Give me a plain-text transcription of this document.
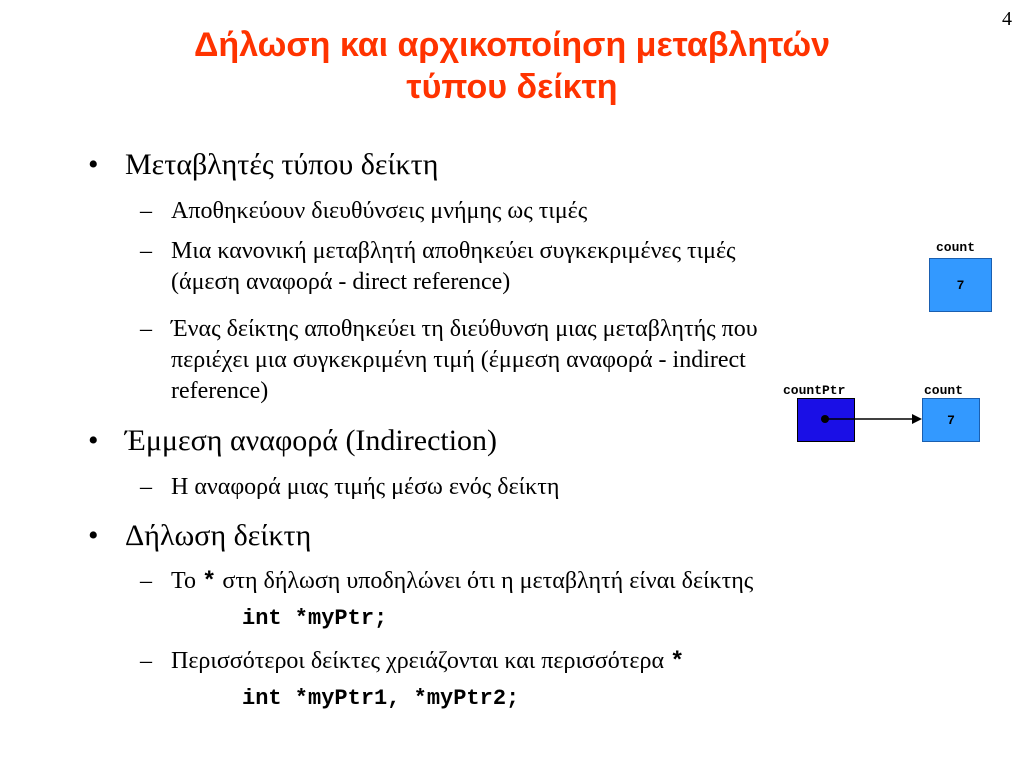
4
Δήλωση και αρχικοποίηση μεταβλητών
τύπου δείκτη
• Μεταβλητές τύπου δείκτη
– Αποθηκεύουν διευθύνσεις μνήμης ως τιμές
– Μια κανονική μεταβλητή αποθηκεύει συγκεκριμένες τιμές
(άμεση αναφορά - direct reference)
– Ένας δείκτης αποθηκεύει τη διεύθυνση μιας μεταβλητής που
περιέχει μια συγκεκριμένη τιμή (έμμεση αναφορά - indirect
reference)
• Έμμεση αναφορά (Indirection)
– Η αναφορά μιας τιμής μέσω ενός δείκτη
• Δήλωση δείκτη
– Το * στη δήλωση υποδηλώνει ότι η μεταβλητή είναι δείκτης
int *myPtr;
– Περισσότεροι δείκτες χρειάζονται και περισσότερα *
int *myPtr1, *myPtr2;
count
7
countPtr	count
7
